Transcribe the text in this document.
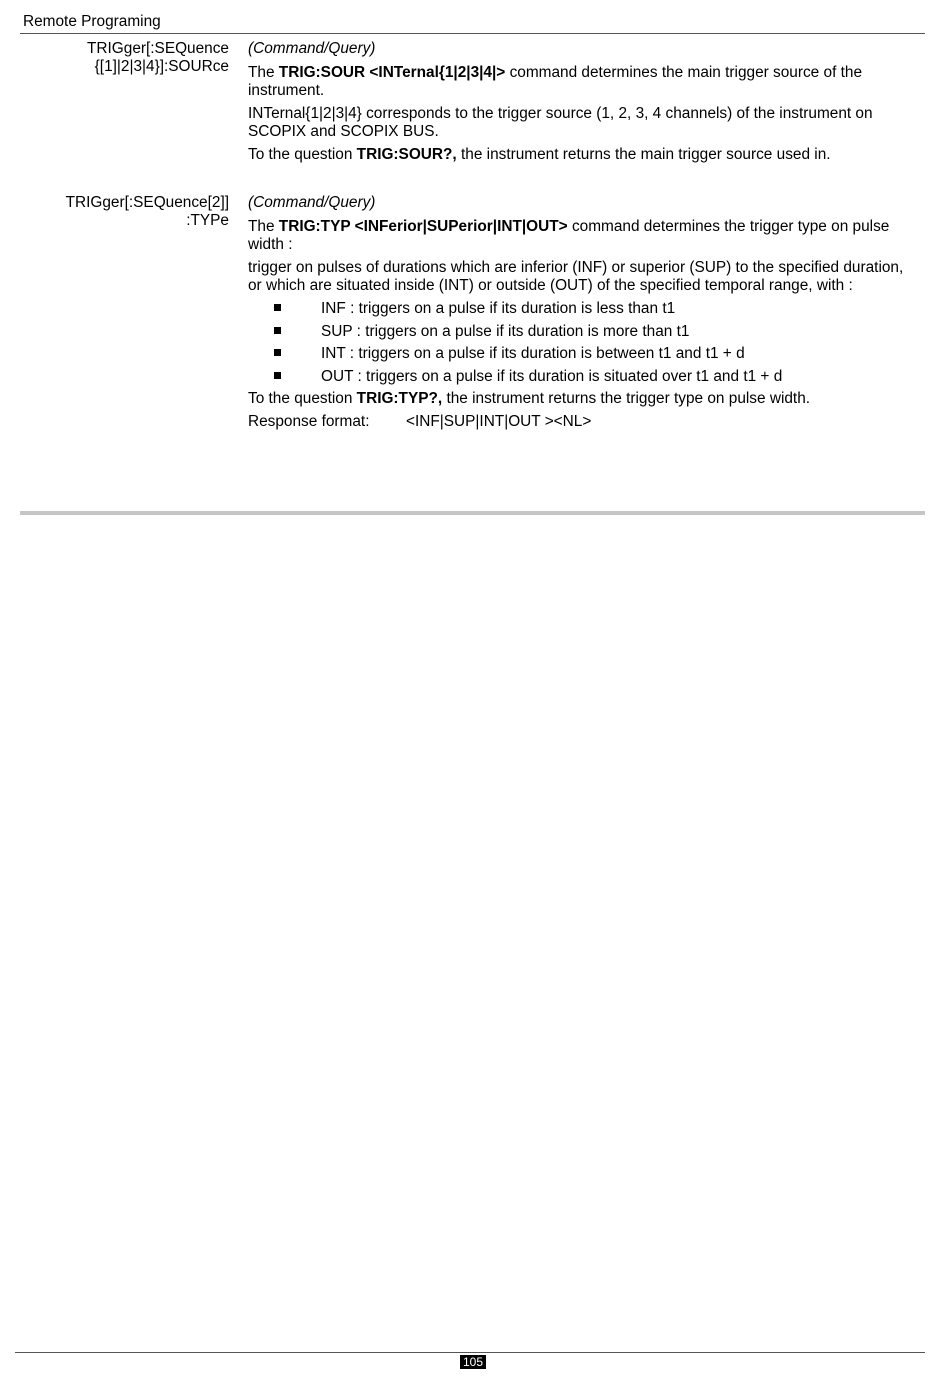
Remote Programing
TRIGger[:SEQuence
{[1]|2|3|4}]:SOURce

(Command/Query)

The TRIG:SOUR <INTernal{1|2|3|4|> command determines the main trigger source of the instrument.

INTernal{1|2|3|4} corresponds to the trigger source (1, 2, 3, 4 channels) of the instrument on SCOPIX and SCOPIX BUS.

To the question TRIG:SOUR?, the instrument returns the main trigger source used in.

TRIGger[:SEQuence[2]]
:TYPe

(Command/Query)

The TRIG:TYP <INFerior|SUPerior|INT|OUT> command determines the trigger type on pulse width :

trigger on pulses of durations which are inferior (INF) or superior (SUP) to the specified duration, or which are situated inside (INT) or outside (OUT) of the specified temporal range, with :

INF : triggers on a pulse if its duration is less than t1
SUP : triggers on a pulse if its duration is more than t1
INT : triggers on a pulse if its duration is between t1 and t1 + d
OUT : triggers on a pulse if its duration is situated over t1 and t1 + d

To the question TRIG:TYP?, the instrument returns the trigger type on pulse width.

Response format: <INF|SUP|INT|OUT ><NL>

105
